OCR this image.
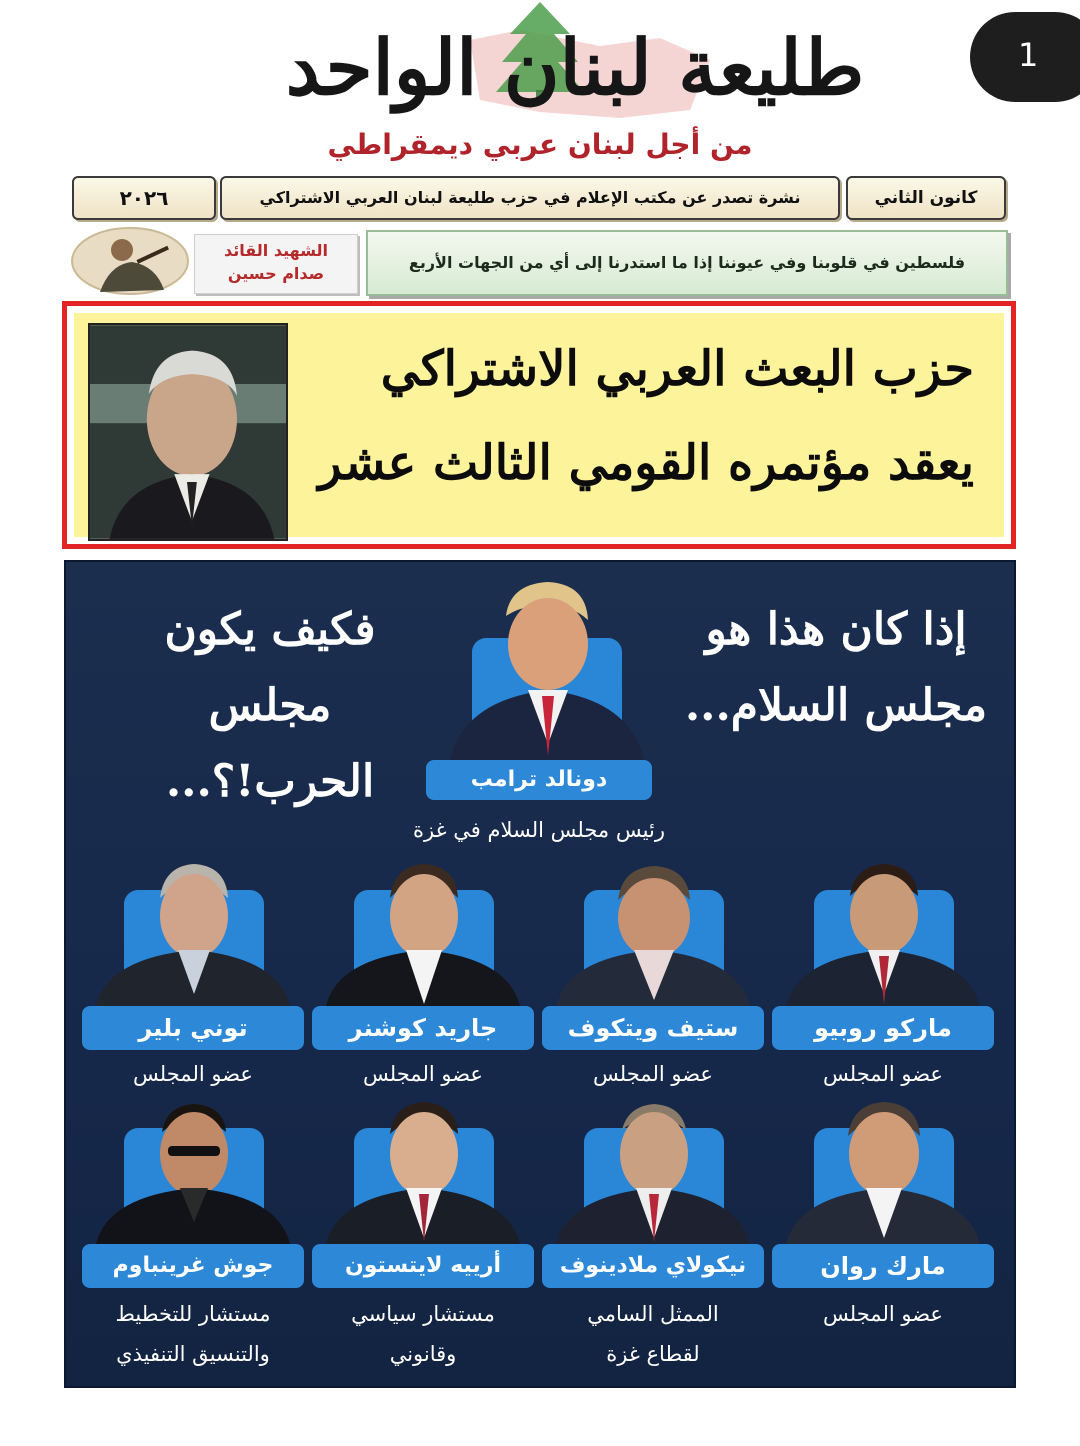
1
طليعة لبنان الواحد
من أجل لبنان عربي ديمقراطي
كانون الثاني
نشرة تصدر عن مكتب الإعلام في حزب طليعة لبنان العربي الاشتراكي
٢٠٢٦
فلسطين في قلوبنا وفي عيوننا إذا ما استدرنا إلى أي من الجهات الأربع
الشهيد القائد
صدام حسين
حزب البعث العربي الاشتراكي
يعقد مؤتمره القومي الثالث عشر
إذا كان هذا هو
مجلس السلام...
فكيف يكون
مجلس الحرب!؟...	دونالد ترامب
رئيس مجلس السلام في غزة
ماركو روبيو
عضو المجلس
ستيف ويتكوف
عضو المجلس
جاريد كوشنر
عضو المجلس
توني بلير
عضو المجلس
مارك روان
عضو المجلس
نيكولاي ملادينوف
الممثل السامي
لقطاع غزة
أرييه لايتستون
مستشار سياسي
وقانوني
جوش غرينباوم
مستشار للتخطيط
والتنسيق التنفيذي
